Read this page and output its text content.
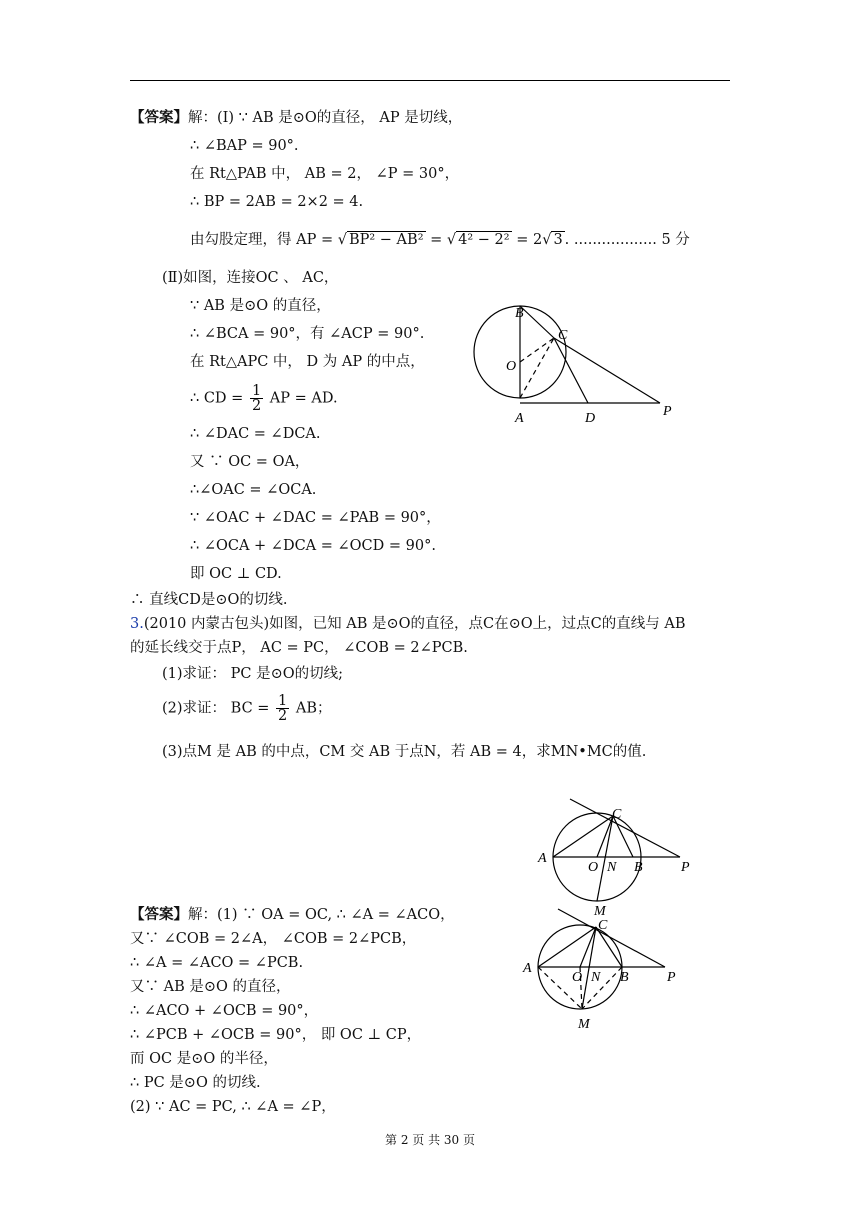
【答案】解：(Ⅰ) ∵ AB 是⊙O的直径， AP 是切线，
∴ ∠BAP = 90°.
在 Rt△PAB 中， AB = 2， ∠P = 30°，
∴ BP = 2AB = 2×2 = 4.
由勾股定理，得 AP = √ BP² − AB² = √ 4² − 2² = 2√ 3 . .................. 5 分
(Ⅱ)如图，连接OC 、 AC，
∵ AB 是⊙O 的直径，
∴ ∠BCA = 90°，有 ∠ACP = 90°.
在 Rt△APC 中， D 为 AP 的中点，
∴ CD = $\frac{1}{2}$ AP = AD.
∴ ∠DAC = ∠DCA.
又 ∵ OC = OA，
∴∠OAC = ∠OCA.
∵ ∠OAC + ∠DAC = ∠PAB = 90°，
∴ ∠OCA + ∠DCA = ∠OCD = 90°.
即 OC ⊥ CD.
∴ 直线CD是⊙O的切线.
B
C
O
A	D	P
3.(2010 内蒙古包头)如图，已知 AB 是⊙O的直径，点C在⊙O上，过点C的直线与 AB
的延长线交于点P， AC = PC， ∠COB = 2∠PCB.
(1)求证： PC 是⊙O的切线;
(2)求证： BC = $\frac{1}{2}$ AB；
(3)点M 是 AB 的中点，CM 交 AB 于点N，若 AB = 4，求MN•MC的值.
C
A
O N B	P
M
【答案】解：(1) ∵ OA = OC, ∴ ∠A = ∠ACO，
又∵ ∠COB = 2∠A， ∠COB = 2∠PCB，
∴ ∠A = ∠ACO = ∠PCB.
又∵ AB 是⊙O 的直径，
∴ ∠ACO + ∠OCB = 90°，
∴ ∠PCB + ∠OCB = 90°， 即 OC ⊥ CP，
而 OC 是⊙O 的半径，
∴ PC 是⊙O 的切线.
(2) ∵ AC = PC, ∴ ∠A = ∠P，
C
A
O N B	P
M
第 2 页 共 30 页
